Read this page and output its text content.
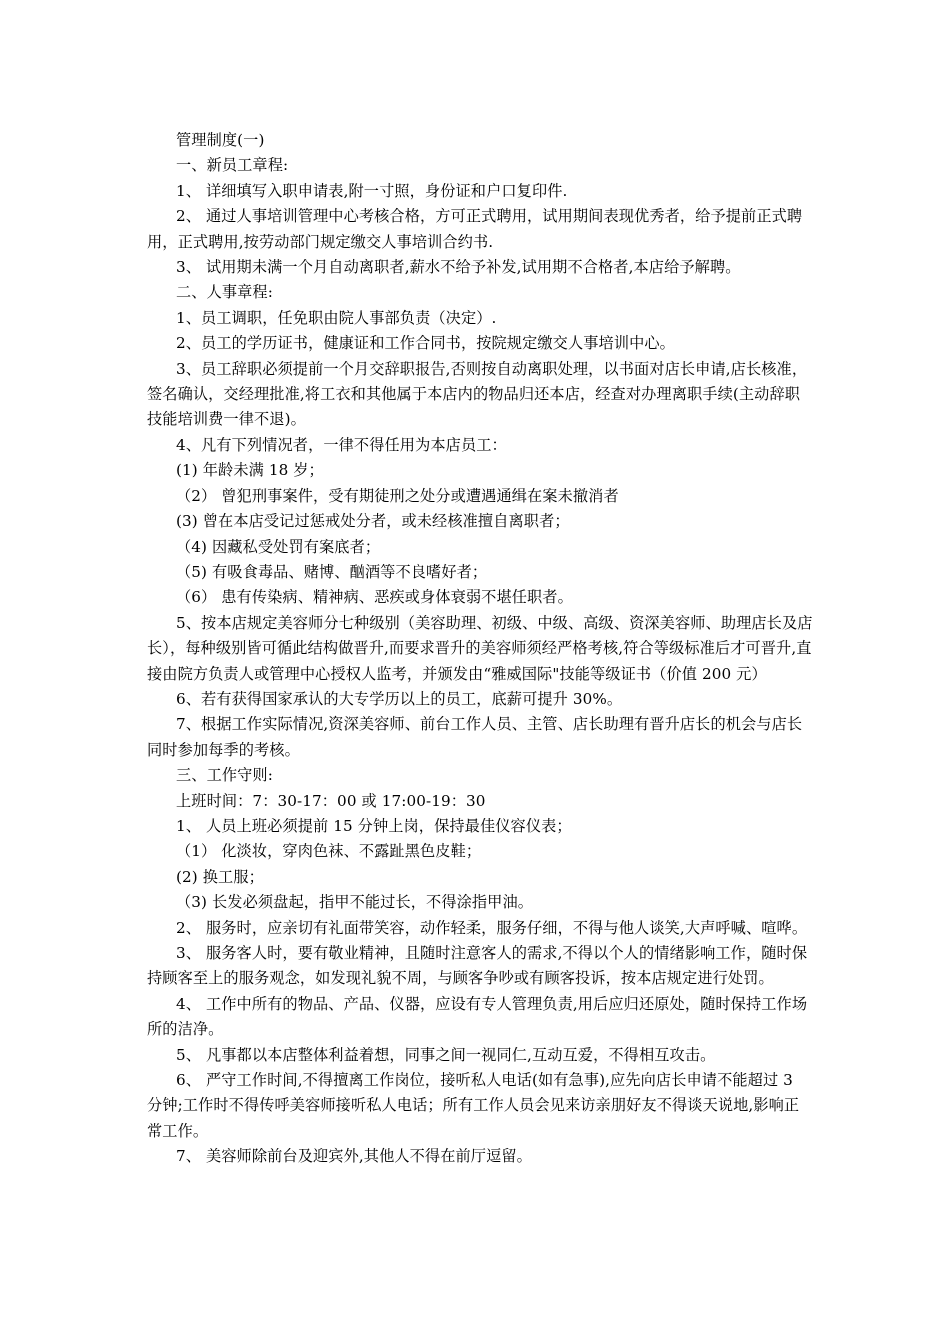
管理制度(一)

一、新员工章程:

1、 详细填写入职申请表,附一寸照，身份证和户口复印件.

2、 通过人事培训管理中心考核合格，方可正式聘用，试用期间表现优秀者，给予提前正式聘用，正式聘用,按劳动部门规定缴交人事培训合约书.

3、 试用期未满一个月自动离职者,薪水不给予补发,试用期不合格者,本店给予解聘。

二、人事章程:

1、员工调职，任免职由院人事部负责（决定）.

2、员工的学历证书，健康证和工作合同书，按院规定缴交人事培训中心。

3、员工辞职必须提前一个月交辞职报告,否则按自动离职处理，以书面对店长申请,店长核准，签名确认，交经理批准,将工衣和其他属于本店内的物品归还本店，经查对办理离职手续(主动辞职技能培训费一律不退)。

4、凡有下列情况者，一律不得任用为本店员工：

(1) 年龄未满 18 岁；

（2） 曾犯刑事案件，受有期徒刑之处分或遭遇通缉在案未撤消者

(3) 曾在本店受记过惩戒处分者，或未经核准擅自离职者；

（4) 因藏私受处罚有案底者；

（5) 有吸食毒品、赌博、酗酒等不良嗜好者；

（6） 患有传染病、精神病、恶疾或身体衰弱不堪任职者。

5、按本店规定美容师分七种级别（美容助理、初级、中级、高级、资深美容师、助理店长及店长），每种级别皆可循此结构做晋升,而要求晋升的美容师须经严格考核,符合等级标准后才可晋升,直接由院方负责人或管理中心授权人监考，并颁发由“雅威国际"技能等级证书（价值 200 元）

6、若有获得国家承认的大专学历以上的员工，底薪可提升 30%。

7、根据工作实际情况,资深美容师、前台工作人员、主管、店长助理有晋升店长的机会与店长同时参加每季的考核。

三、工作守则:

上班时间：7：30-17：00 或 17:00-19：30

1、 人员上班必须提前 15 分钟上岗，保持最佳仪容仪表；

（1） 化淡妆，穿肉色袜、不露趾黑色皮鞋；

(2) 换工服；

（3) 长发必须盘起，指甲不能过长，不得涂指甲油。

2、 服务时，应亲切有礼面带笑容，动作轻柔，服务仔细，不得与他人谈笑,大声呼喊、喧哗。

3、 服务客人时，要有敬业精神，且随时注意客人的需求,不得以个人的情绪影响工作，随时保持顾客至上的服务观念，如发现礼貌不周，与顾客争吵或有顾客投诉，按本店规定进行处罚。

4、 工作中所有的物品、产品、仪器，应设有专人管理负责,用后应归还原处，随时保持工作场所的洁净。

5、 凡事都以本店整体利益着想，同事之间一视同仁,互动互爱，不得相互攻击。

6、 严守工作时间,不得擅离工作岗位，接听私人电话(如有急事),应先向店长申请不能超过 3 分钟;工作时不得传呼美容师接听私人电话；所有工作人员会见来访亲朋好友不得谈天说地,影响正常工作。

7、 美容师除前台及迎宾外,其他人不得在前厅逗留。
